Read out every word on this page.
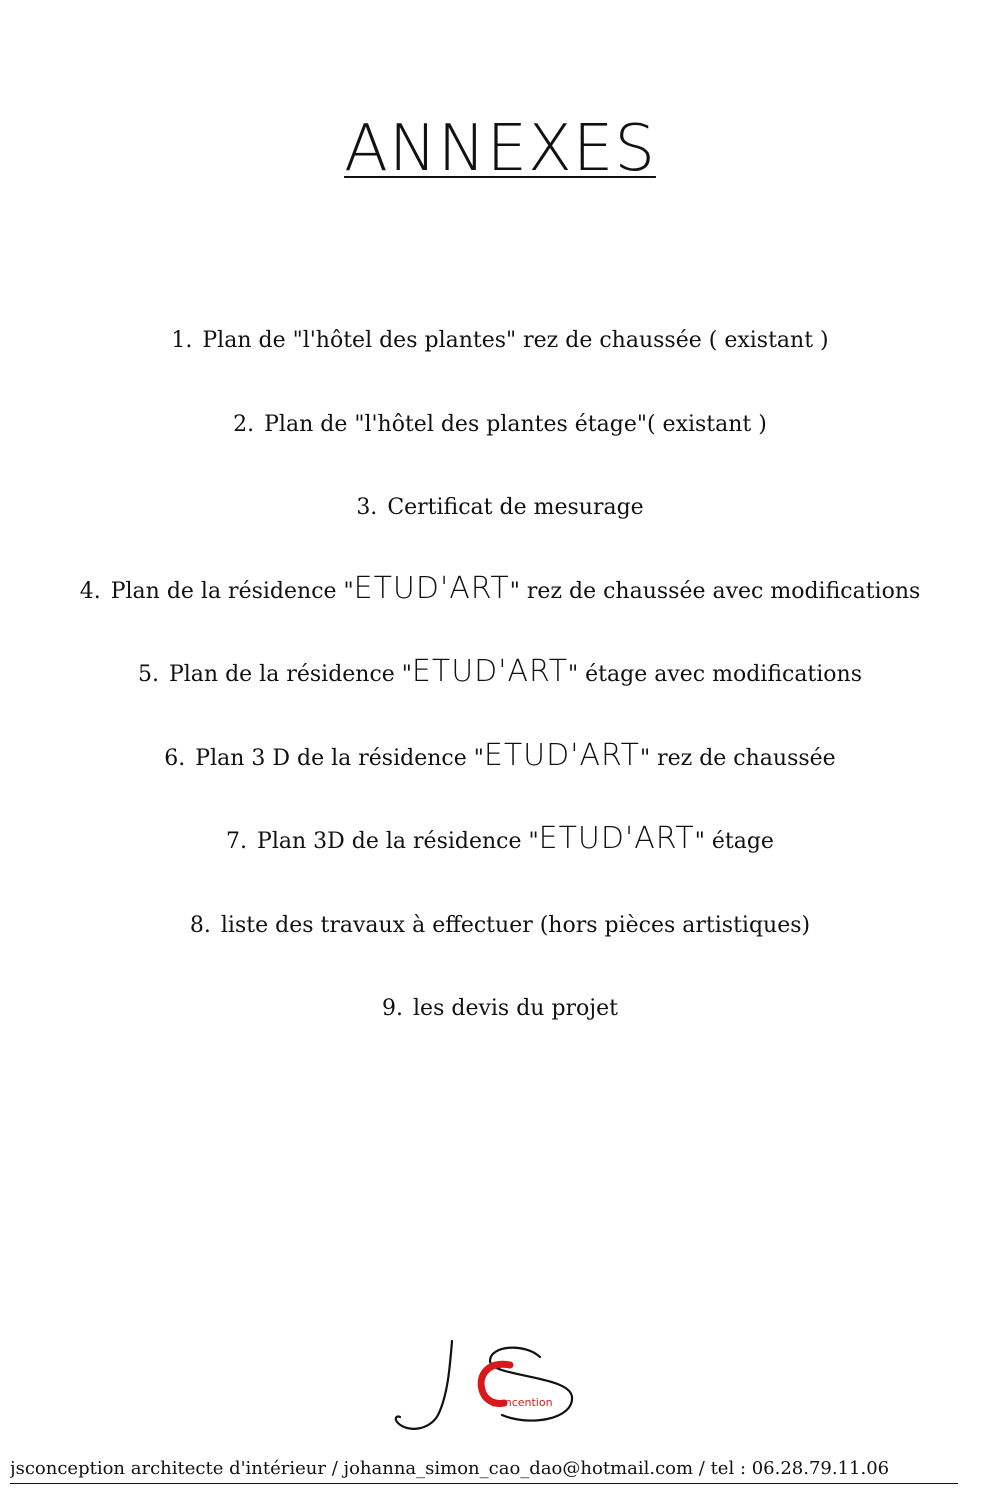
ANNEXES
1. Plan de "l'hôtel des plantes" rez de chaussée ( existant )
2. Plan de "l'hôtel des plantes étage"( existant )
3. Certificat de mesurage
4. Plan de la résidence "ETUD'ART" rez de chaussée avec modifications
5. Plan de la résidence "ETUD'ART" étage avec modifications
6. Plan 3 D de la résidence "ETUD'ART" rez de chaussée
7. Plan 3D de la résidence "ETUD'ART" étage
8. liste des travaux à effectuer (hors pièces artistiques)
9. les devis du projet
oncention
jsconception architecte d'intérieur / johanna_simon_cao_dao@hotmail.com / tel : 06.28.79.11.06
